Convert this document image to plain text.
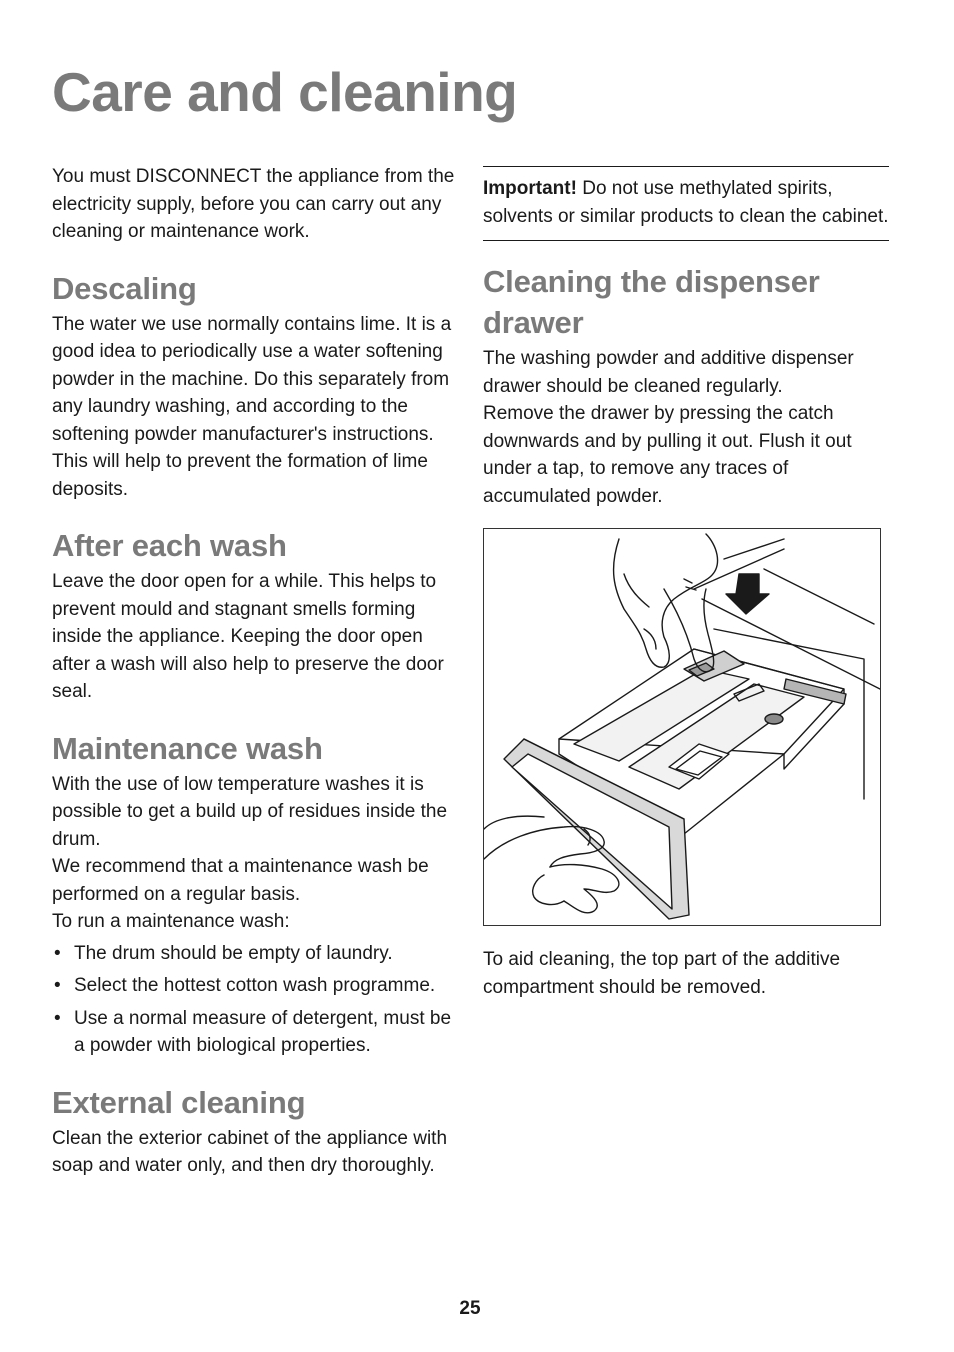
Care and cleaning

You must DISCONNECT the appliance from the electricity supply, before you can carry out any cleaning or maintenance work.

Descaling

The water we use normally contains lime. It is a good idea to periodically use a water softening powder in the machine. Do this separately from any laundry washing, and according to the softening powder manufacturer's instructions. This will help to prevent the formation of lime deposits.

After each wash

Leave the door open for a while. This helps to prevent mould and stagnant smells forming inside the appliance. Keeping the door open after a wash will also help to preserve the door seal.

Maintenance wash

With the use of low temperature washes it is possible to get a build up of residues inside the drum.

We recommend that a maintenance wash be performed on a regular basis.

To run a maintenance wash:

• The drum should be empty of laundry.
• Select the hottest cotton wash programme.
• Use a normal measure of detergent, must be a powder with biological properties.
External cleaning

Clean the exterior cabinet of the appliance with soap and water only, and then dry thoroughly.

Important! Do not use methylated spirits, solvents or similar products to clean the cabinet.

Cleaning the dispenser drawer

The washing powder and additive dispenser drawer should be cleaned regularly.

Remove the drawer by pressing the catch downwards and by pulling it out. Flush it out under a tap, to remove any traces of accumulated powder.

To aid cleaning, the top part of the additive compartment should be removed.

25
